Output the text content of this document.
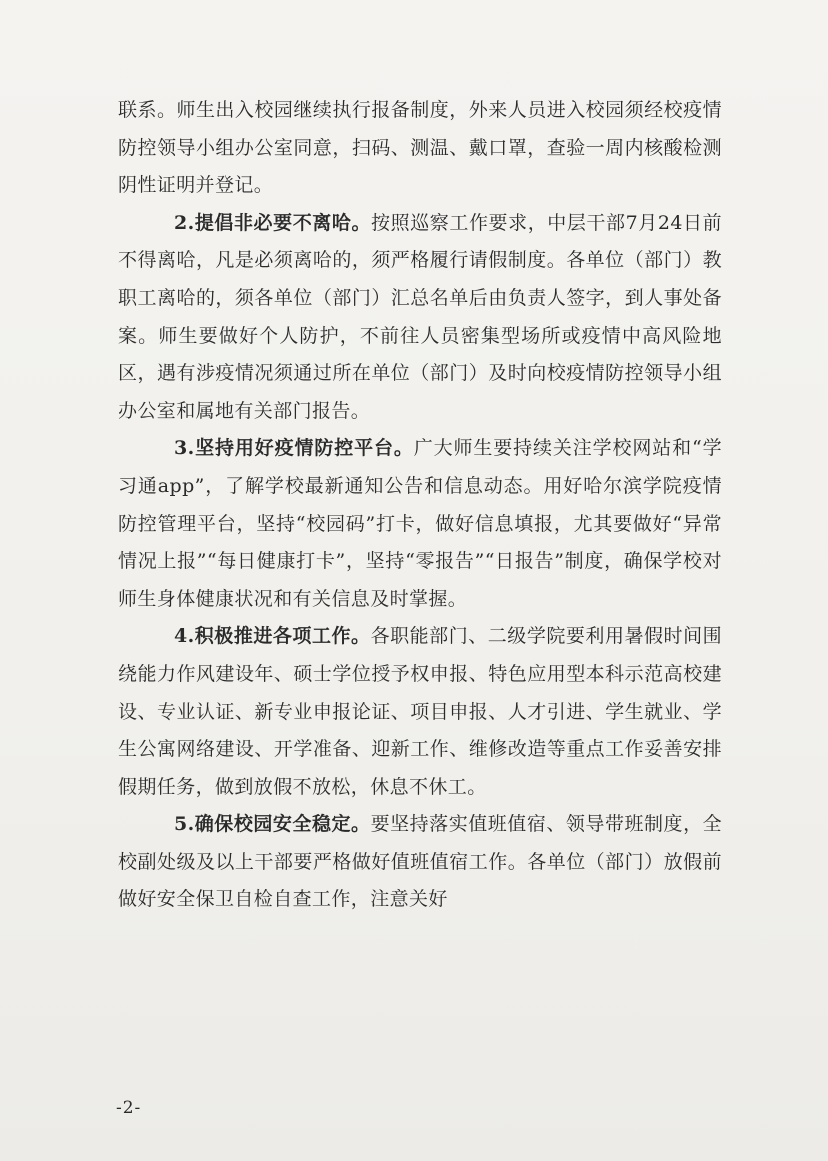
联系。师生出入校园继续执行报备制度，外来人员进入校园须经校疫情防控领导小组办公室同意，扫码、测温、戴口罩，查验一周内核酸检测阴性证明并登记。

2.提倡非必要不离哈。按照巡察工作要求，中层干部7月24日前不得离哈，凡是必须离哈的，须严格履行请假制度。各单位（部门）教职工离哈的，须各单位（部门）汇总名单后由负责人签字，到人事处备案。师生要做好个人防护，不前往人员密集型场所或疫情中高风险地区，遇有涉疫情况须通过所在单位（部门）及时向校疫情防控领导小组办公室和属地有关部门报告。

3.坚持用好疫情防控平台。广大师生要持续关注学校网站和“学习通app”，了解学校最新通知公告和信息动态。用好哈尔滨学院疫情防控管理平台，坚持“校园码”打卡，做好信息填报，尤其要做好“异常情况上报”“每日健康打卡”，坚持“零报告”“日报告”制度，确保学校对师生身体健康状况和有关信息及时掌握。

4.积极推进各项工作。各职能部门、二级学院要利用暑假时间围绕能力作风建设年、硕士学位授予权申报、特色应用型本科示范高校建设、专业认证、新专业申报论证、项目申报、人才引进、学生就业、学生公寓网络建设、开学准备、迎新工作、维修改造等重点工作妥善安排假期任务，做到放假不放松，休息不休工。

5.确保校园安全稳定。要坚持落实值班值宿、领导带班制度，全校副处级及以上干部要严格做好值班值宿工作。各单位（部门）放假前做好安全保卫自检自查工作，注意关好

-2-
